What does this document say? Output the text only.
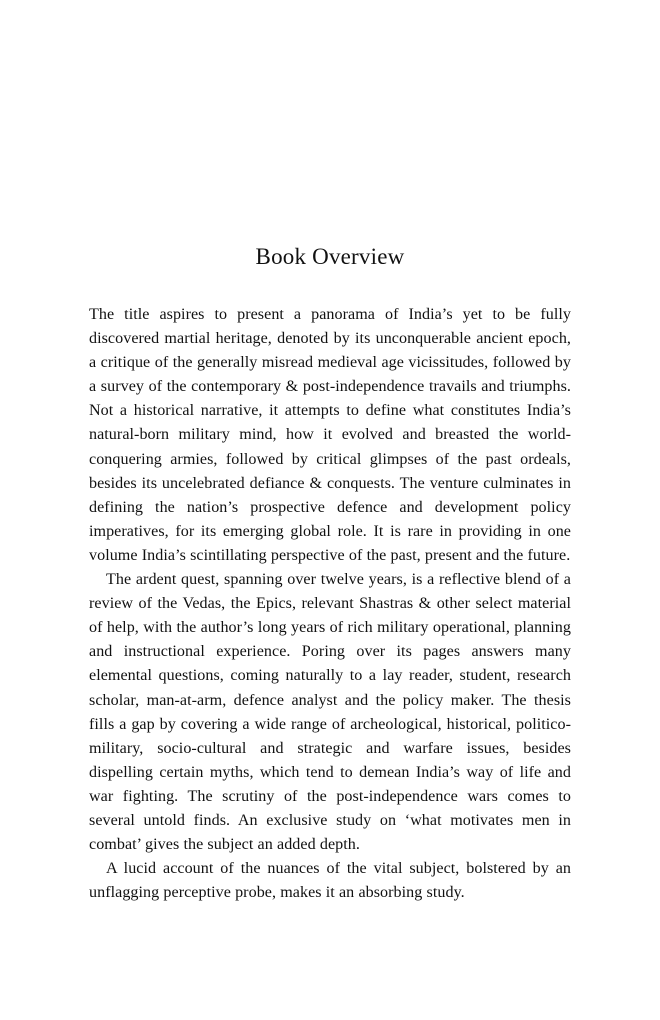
Book Overview

The title aspires to present a panorama of India’s yet to be fully discovered martial heritage, denoted by its unconquerable ancient epoch, a critique of the generally misread medieval age vicissitudes, followed by a survey of the contemporary & post-independence travails and triumphs. Not a historical narrative, it attempts to define what constitutes India’s natural-born military mind, how it evolved and breasted the world-conquering armies, followed by critical glimpses of the past ordeals, besides its uncelebrated defiance & conquests. The venture culminates in defining the nation’s prospective defence and development policy imperatives, for its emerging global role. It is rare in providing in one volume India’s scintillating perspective of the past, present and the future.

The ardent quest, spanning over twelve years, is a reflective blend of a review of the Vedas, the Epics, relevant Shastras & other select material of help, with the author’s long years of rich military operational, planning and instructional experience. Poring over its pages answers many elemental questions, coming naturally to a lay reader, student, research scholar, man-at-arm, defence analyst and the policy maker. The thesis fills a gap by covering a wide range of archeological, historical, politico-military, socio-cultural and strategic and warfare issues, besides dispelling certain myths, which tend to demean India’s way of life and war fighting. The scrutiny of the post-independence wars comes to several untold finds. An exclusive study on ‘what motivates men in combat’ gives the subject an added depth.

A lucid account of the nuances of the vital subject, bolstered by an unflagging perceptive probe, makes it an absorbing study.
